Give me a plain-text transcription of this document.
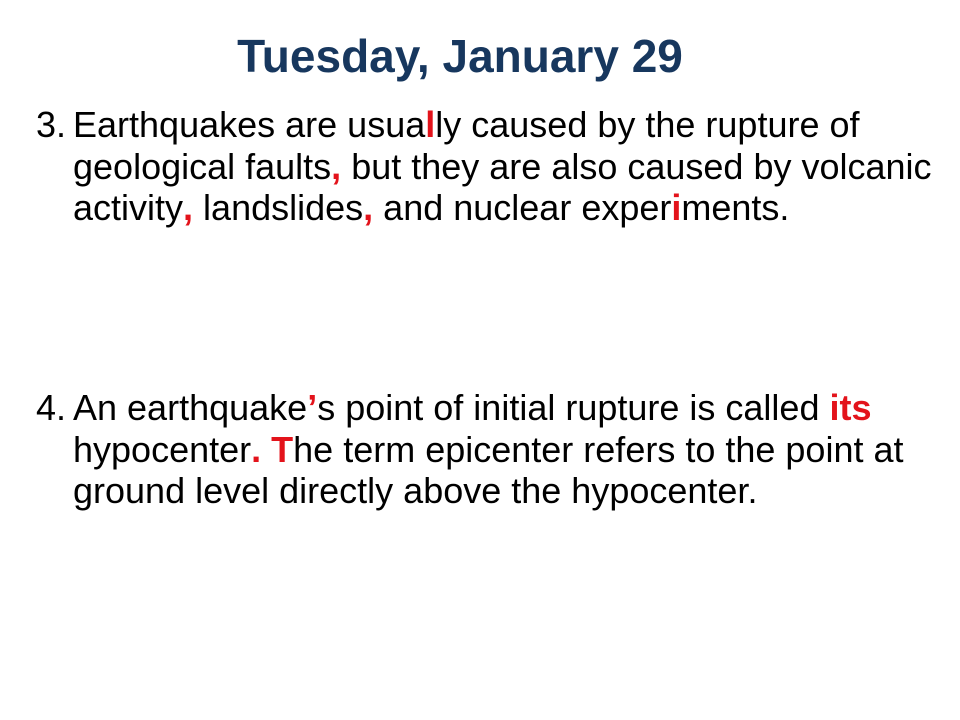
Tuesday, January 29
3. Earthquakes are usually caused by the rupture of geological faults, but they are also caused by volcanic activity, landslides, and nuclear experiments.
4. An earthquake’s point of initial rupture is called its hypocenter. The term epicenter refers to the point at ground level directly above the hypocenter.
